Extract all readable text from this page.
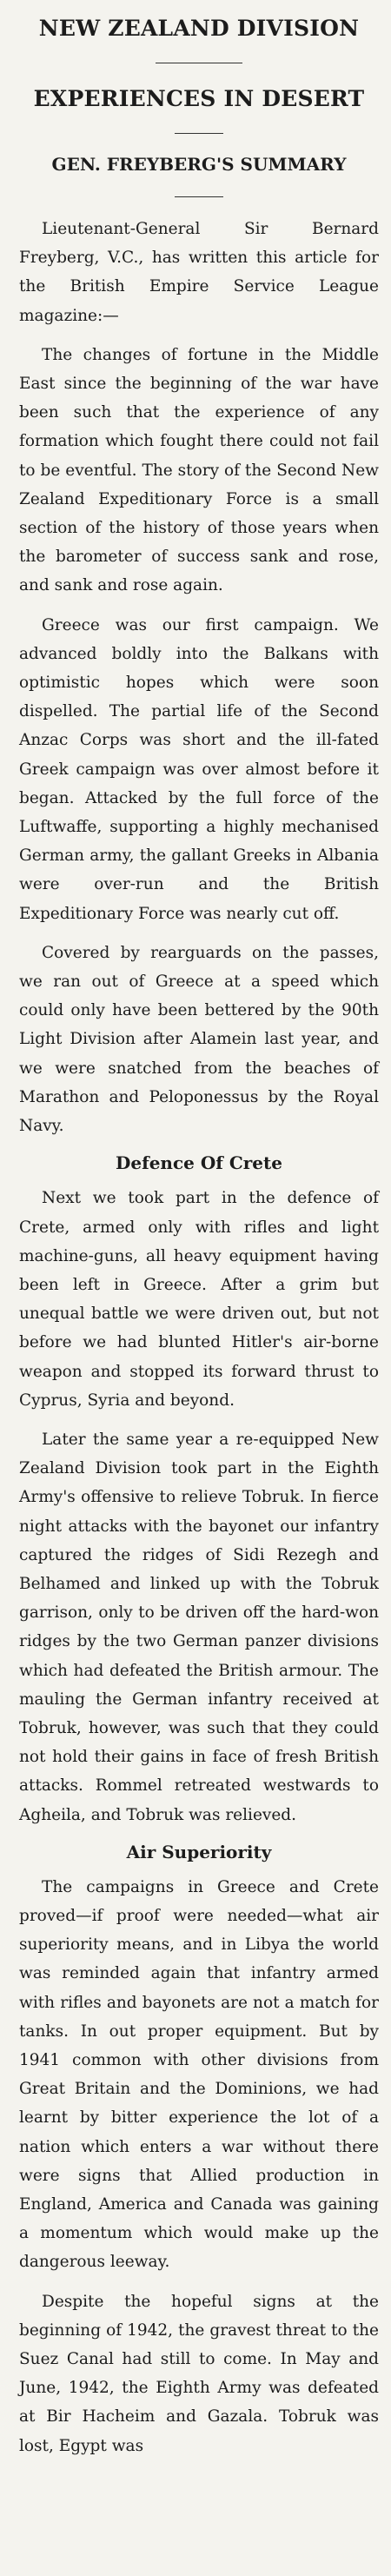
NEW ZEALAND DIVISION
EXPERIENCES IN DESERT
GEN. FREYBERG'S SUMMARY

Lieutenant-General Sir Bernard Freyberg, V.C., has written this article for the British Empire Service League magazine:—

The changes of fortune in the Middle East since the beginning of the war have been such that the experience of any formation which fought there could not fail to be eventful. The story of the Second New Zealand Expeditionary Force is a small section of the history of those years when the barometer of success sank and rose, and sank and rose again.

Greece was our first campaign. We advanced boldly into the Balkans with optimistic hopes which were soon dispelled. The partial life of the Second Anzac Corps was short and the ill-fated Greek campaign was over almost before it began. Attacked by the full force of the Luftwaffe, supporting a highly mechanised German army, the gallant Greeks in Albania were over-run and the British Expeditionary Force was nearly cut off.

Covered by rearguards on the passes, we ran out of Greece at a speed which could only have been bettered by the 90th Light Division after Alamein last year, and we were snatched from the beaches of Marathon and Peloponessus by the Royal Navy.

Defence Of Crete

Next we took part in the defence of Crete, armed only with rifles and light machine-guns, all heavy equipment having been left in Greece. After a grim but unequal battle we were driven out, but not before we had blunted Hitler's air-borne weapon and stopped its forward thrust to Cyprus, Syria and beyond.

Later the same year a re-equipped New Zealand Division took part in the Eighth Army's offensive to relieve Tobruk. In fierce night attacks with the bayonet our infantry captured the ridges of Sidi Rezegh and Belhamed and linked up with the Tobruk garrison, only to be driven off the hard-won ridges by the two German panzer divisions which had defeated the British armour. The mauling the German infantry received at Tobruk, however, was such that they could not hold their gains in face of fresh British attacks. Rommel retreated westwards to Agheila, and Tobruk was relieved.

Air Superiority

The campaigns in Greece and Crete proved—if proof were needed—what air superiority means, and in Libya the world was reminded again that infantry armed with rifles and bayonets are not a match for tanks. In out proper equipment. But by 1941 common with other divisions from Great Britain and the Dominions, we had learnt by bitter experience the lot of a nation which enters a war without there were signs that Allied production in England, America and Canada was gaining a momentum which would make up the dangerous leeway.

Despite the hopeful signs at the beginning of 1942, the gravest threat to the Suez Canal had still to come. In May and June, 1942, the Eighth Army was defeated at Bir Hacheim and Gazala. Tobruk was lost, Egypt was
